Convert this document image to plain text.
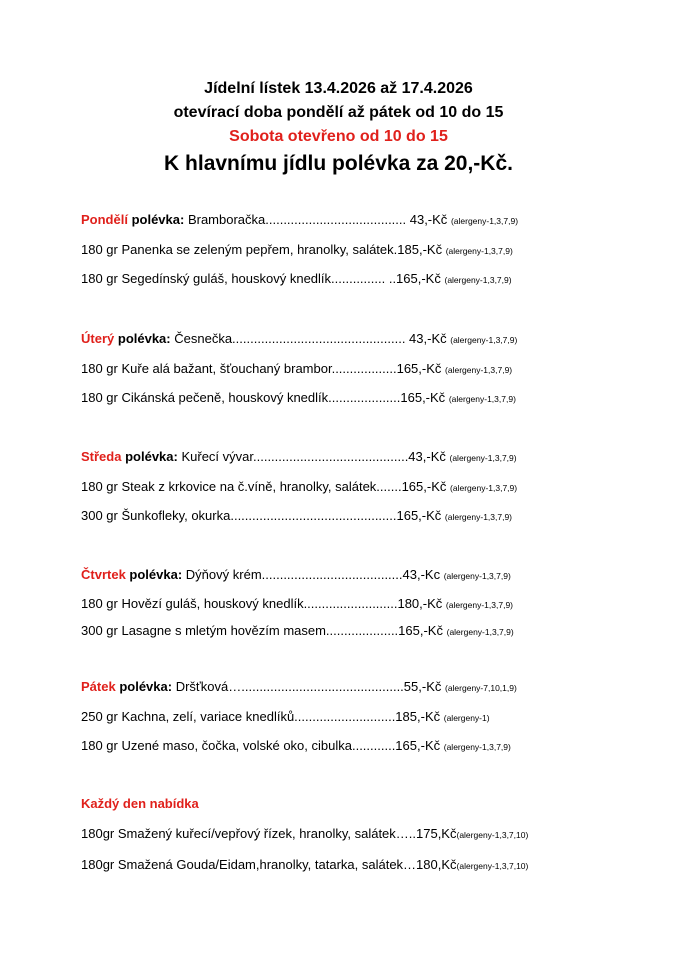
Jídelní lístek 13.4.2026 až 17.4.2026
otevírací doba pondělí až pátek od 10 do 15
Sobota otevřeno od 10 do 15
K hlavnímu jídlu polévka za 20,-Kč.
Pondělí polévka: Bramboračka....................................... 43,-Kč (alergeny-1,3,7,9)
180 gr Panenka se zeleným pepřem, hranolky, salátek.185,-Kč (alergeny-1,3,7,9)
180 gr Segedínský guláš, houskový knedlík............... ..165,-Kč (alergeny-1,3,7,9)
Úterý polévka: Česnečka................................................ 43,-Kč (alergeny-1,3,7,9)
180 gr Kuře alá bažant, šťouchaný brambor..................165,-Kč (alergeny-1,3,7,9)
180 gr Cikánská pečeně, houskový knedlík....................165,-Kč (alergeny-1,3,7,9)
Středa polévka: Kuřecí vývar...........................................43,-Kč (alergeny-1,3,7,9)
180 gr Steak z krkovice na č.víně, hranolky, salátek.......165,-Kč (alergeny-1,3,7,9)
300 gr Šunkofleky, okurka..............................................165,-Kč (alergeny-1,3,7,9)
Čtvrtek polévka: Dýňový krém.......................................43,-Kc (alergeny-1,3,7,9)
180 gr Hovězí guláš, houskový knedlík..........................180,-Kč (alergeny-1,3,7,9)
300 gr Lasagne s mletým hovězím masem....................165,-Kč (alergeny-1,3,7,9)
Pátek polévka: Dršťková….............................................55,-Kč (alergeny-7,10,1,9)
250 gr Kachna, zelí, variace knedlíků............................185,-Kč (alergeny-1)
180 gr Uzené maso, čočka, volské oko, cibulka............165,-Kč (alergeny-1,3,7,9)
Každý den nabídka
180gr Smažený kuřecí/vepřový řízek, hranolky, salátek…..175,Kč(alergeny-1,3,7,10)
180gr Smažená Gouda/Eidam,hranolky, tatarka, salátek…180,Kč(alergeny-1,3,7,10)
